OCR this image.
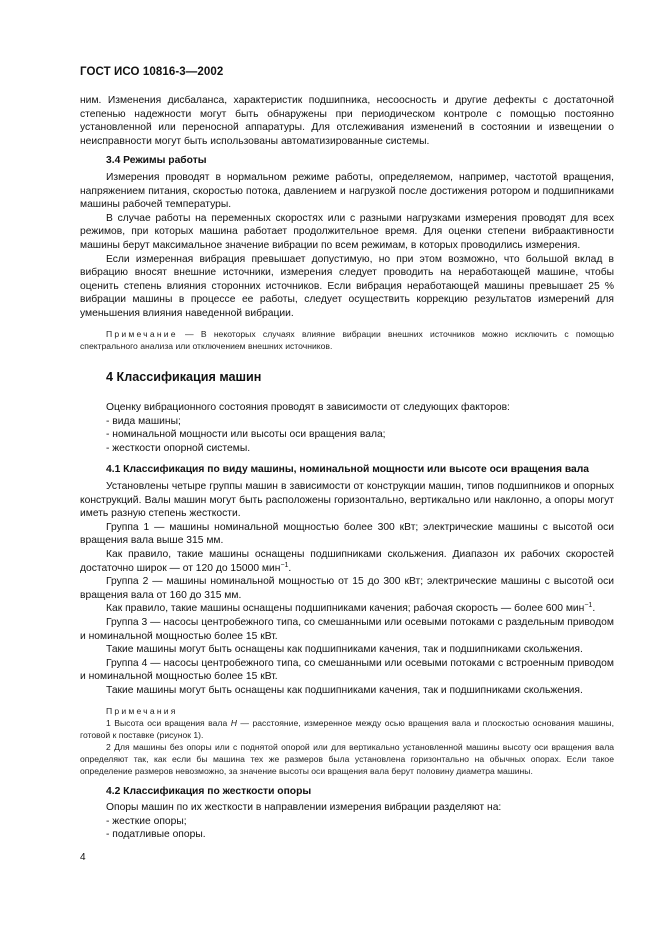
ГОСТ ИСО 10816-3—2002

ним. Изменения дисбаланса, характеристик подшипника, несоосность и другие дефекты с достаточной степенью надежности могут быть обнаружены при периодическом контроле с помощью постоянно установленной или переносной аппаратуры. Для отслеживания изменений в состоянии и извещении о неисправности могут быть использованы автоматизированные системы.

3.4 Режимы работы

Измерения проводят в нормальном режиме работы, определяемом, например, частотой вращения, напряжением питания, скоростью потока, давлением и нагрузкой после достижения ротором и подшипниками машины рабочей температуры.

В случае работы на переменных скоростях или с разными нагрузками измерения проводят для всех режимов, при которых машина работает продолжительное время. Для оценки степени вибраактивности машины берут максимальное значение вибрации по всем режимам, в которых проводились измерения.

Если измеренная вибрация превышает допустимую, но при этом возможно, что большой вклад в вибрацию вносят внешние источники, измерения следует проводить на неработающей машине, чтобы оценить степень влияния сторонних источников. Если вибрация неработающей машины превышает 25 % вибрации машины в процессе ее работы, следует осуществить коррекцию результатов измерений для уменьшения влияния наведенной вибрации.

Примечание — В некоторых случаях влияние вибрации внешних источников можно исключить с помощью спектрального анализа или отключением внешних источников.

4 Классификация машин

Оценку вибрационного состояния проводят в зависимости от следующих факторов:

- вида машины;

- номинальной мощности или высоты оси вращения вала;

- жесткости опорной системы.

4.1 Классификация по виду машины, номинальной мощности или высоте оси вращения вала

Установлены четыре группы машин в зависимости от конструкции машин, типов подшипников и опорных конструкций. Валы машин могут быть расположены горизонтально, вертикально или наклонно, а опоры могут иметь разную степень жесткости.

Группа 1 — машины номинальной мощностью более 300 кВт; электрические машины с высотой оси вращения вала выше 315 мм.

Как правило, такие машины оснащены подшипниками скольжения. Диапазон их рабочих скоростей достаточно широк — от 120 до 15000 мин$^{-1}$.

Группа 2 — машины номинальной мощностью от 15 до 300 кВт; электрические машины с высотой оси вращения вала от 160 до 315 мм.

Как правило, такие машины оснащены подшипниками качения; рабочая скорость — более 600 мин$^{-1}$.

Группа 3 — насосы центробежного типа, со смешанными или осевыми потоками с раздельным приводом и номинальной мощностью более 15 кВт.

Такие машины могут быть оснащены как подшипниками качения, так и подшипниками скольжения.

Группа 4 — насосы центробежного типа, со смешанными или осевыми потоками с встроенным приводом и номинальной мощностью более 15 кВт.

Такие машины могут быть оснащены как подшипниками качения, так и подшипниками скольжения.

Примечания

1 Высота оси вращения вала H — расстояние, измеренное между осью вращения вала и плоскостью основания машины, готовой к поставке (рисунок 1).

2 Для машины без опоры или с поднятой опорой или для вертикально установленной машины высоту оси вращения вала определяют так, как если бы машина тех же размеров была установлена горизонтально на обычных опорах. Если такое определение размеров невозможно, за значение высоты оси вращения вала берут половину диаметра машины.

4.2 Классификация по жесткости опоры

Опоры машин по их жесткости в направлении измерения вибрации разделяют на:

- жесткие опоры;

- податливые опоры.

4
